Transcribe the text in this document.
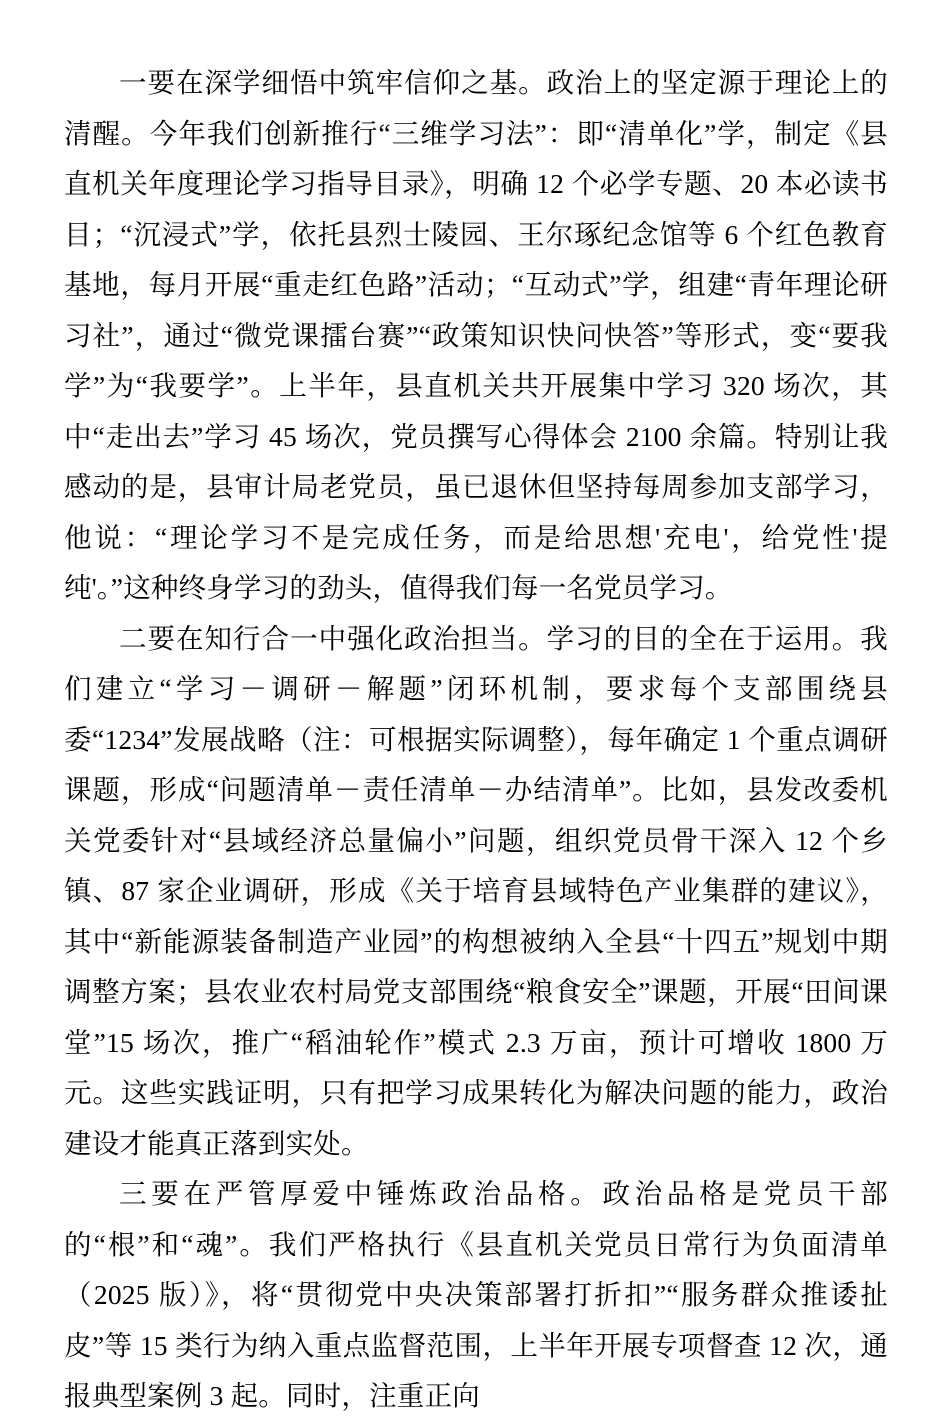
一要在深学细悟中筑牢信仰之基。政治上的坚定源于理论上的清醒。今年我们创新推行“三维学习法”：即“清单化”学，制定《县直机关年度理论学习指导目录》，明确 12 个必学专题、20 本必读书目；“沉浸式”学，依托县烈士陵园、王尔琢纪念馆等 6 个红色教育基地，每月开展“重走红色路”活动；“互动式”学，组建“青年理论研习社”，通过“微党课擂台赛”“政策知识快问快答”等形式，变“要我学”为“我要学”。上半年，县直机关共开展集中学习 320 场次，其中“走出去”学习 45 场次，党员撰写心得体会 2100 余篇。特别让我感动的是，县审计局老党员，虽已退休但坚持每周参加支部学习，他说：“理论学习不是完成任务，而是给思想'充电'，给党性'提纯'。”这种终身学习的劲头，值得我们每一名党员学习。

二要在知行合一中强化政治担当。学习的目的全在于运用。我们建立“学习－调研－解题”闭环机制，要求每个支部围绕县委“1234”发展战略（注：可根据实际调整），每年确定 1 个重点调研课题，形成“问题清单－责任清单－办结清单”。比如，县发改委机关党委针对“县域经济总量偏小”问题，组织党员骨干深入 12 个乡镇、87 家企业调研，形成《关于培育县域特色产业集群的建议》，其中“新能源装备制造产业园”的构想被纳入全县“十四五”规划中期调整方案；县农业农村局党支部围绕“粮食安全”课题，开展“田间课堂”15 场次，推广“稻油轮作”模式 2.3 万亩，预计可增收 1800 万元。这些实践证明，只有把学习成果转化为解决问题的能力，政治建设才能真正落到实处。

三要在严管厚爱中锤炼政治品格。政治品格是党员干部的“根”和“魂”。我们严格执行《县直机关党员日常行为负面清单（2025 版）》，将“贯彻党中央决策部署打折扣”“服务群众推诿扯皮”等 15 类行为纳入重点监督范围，上半年开展专项督查 12 次，通报典型案例 3 起。同时，注重正向
